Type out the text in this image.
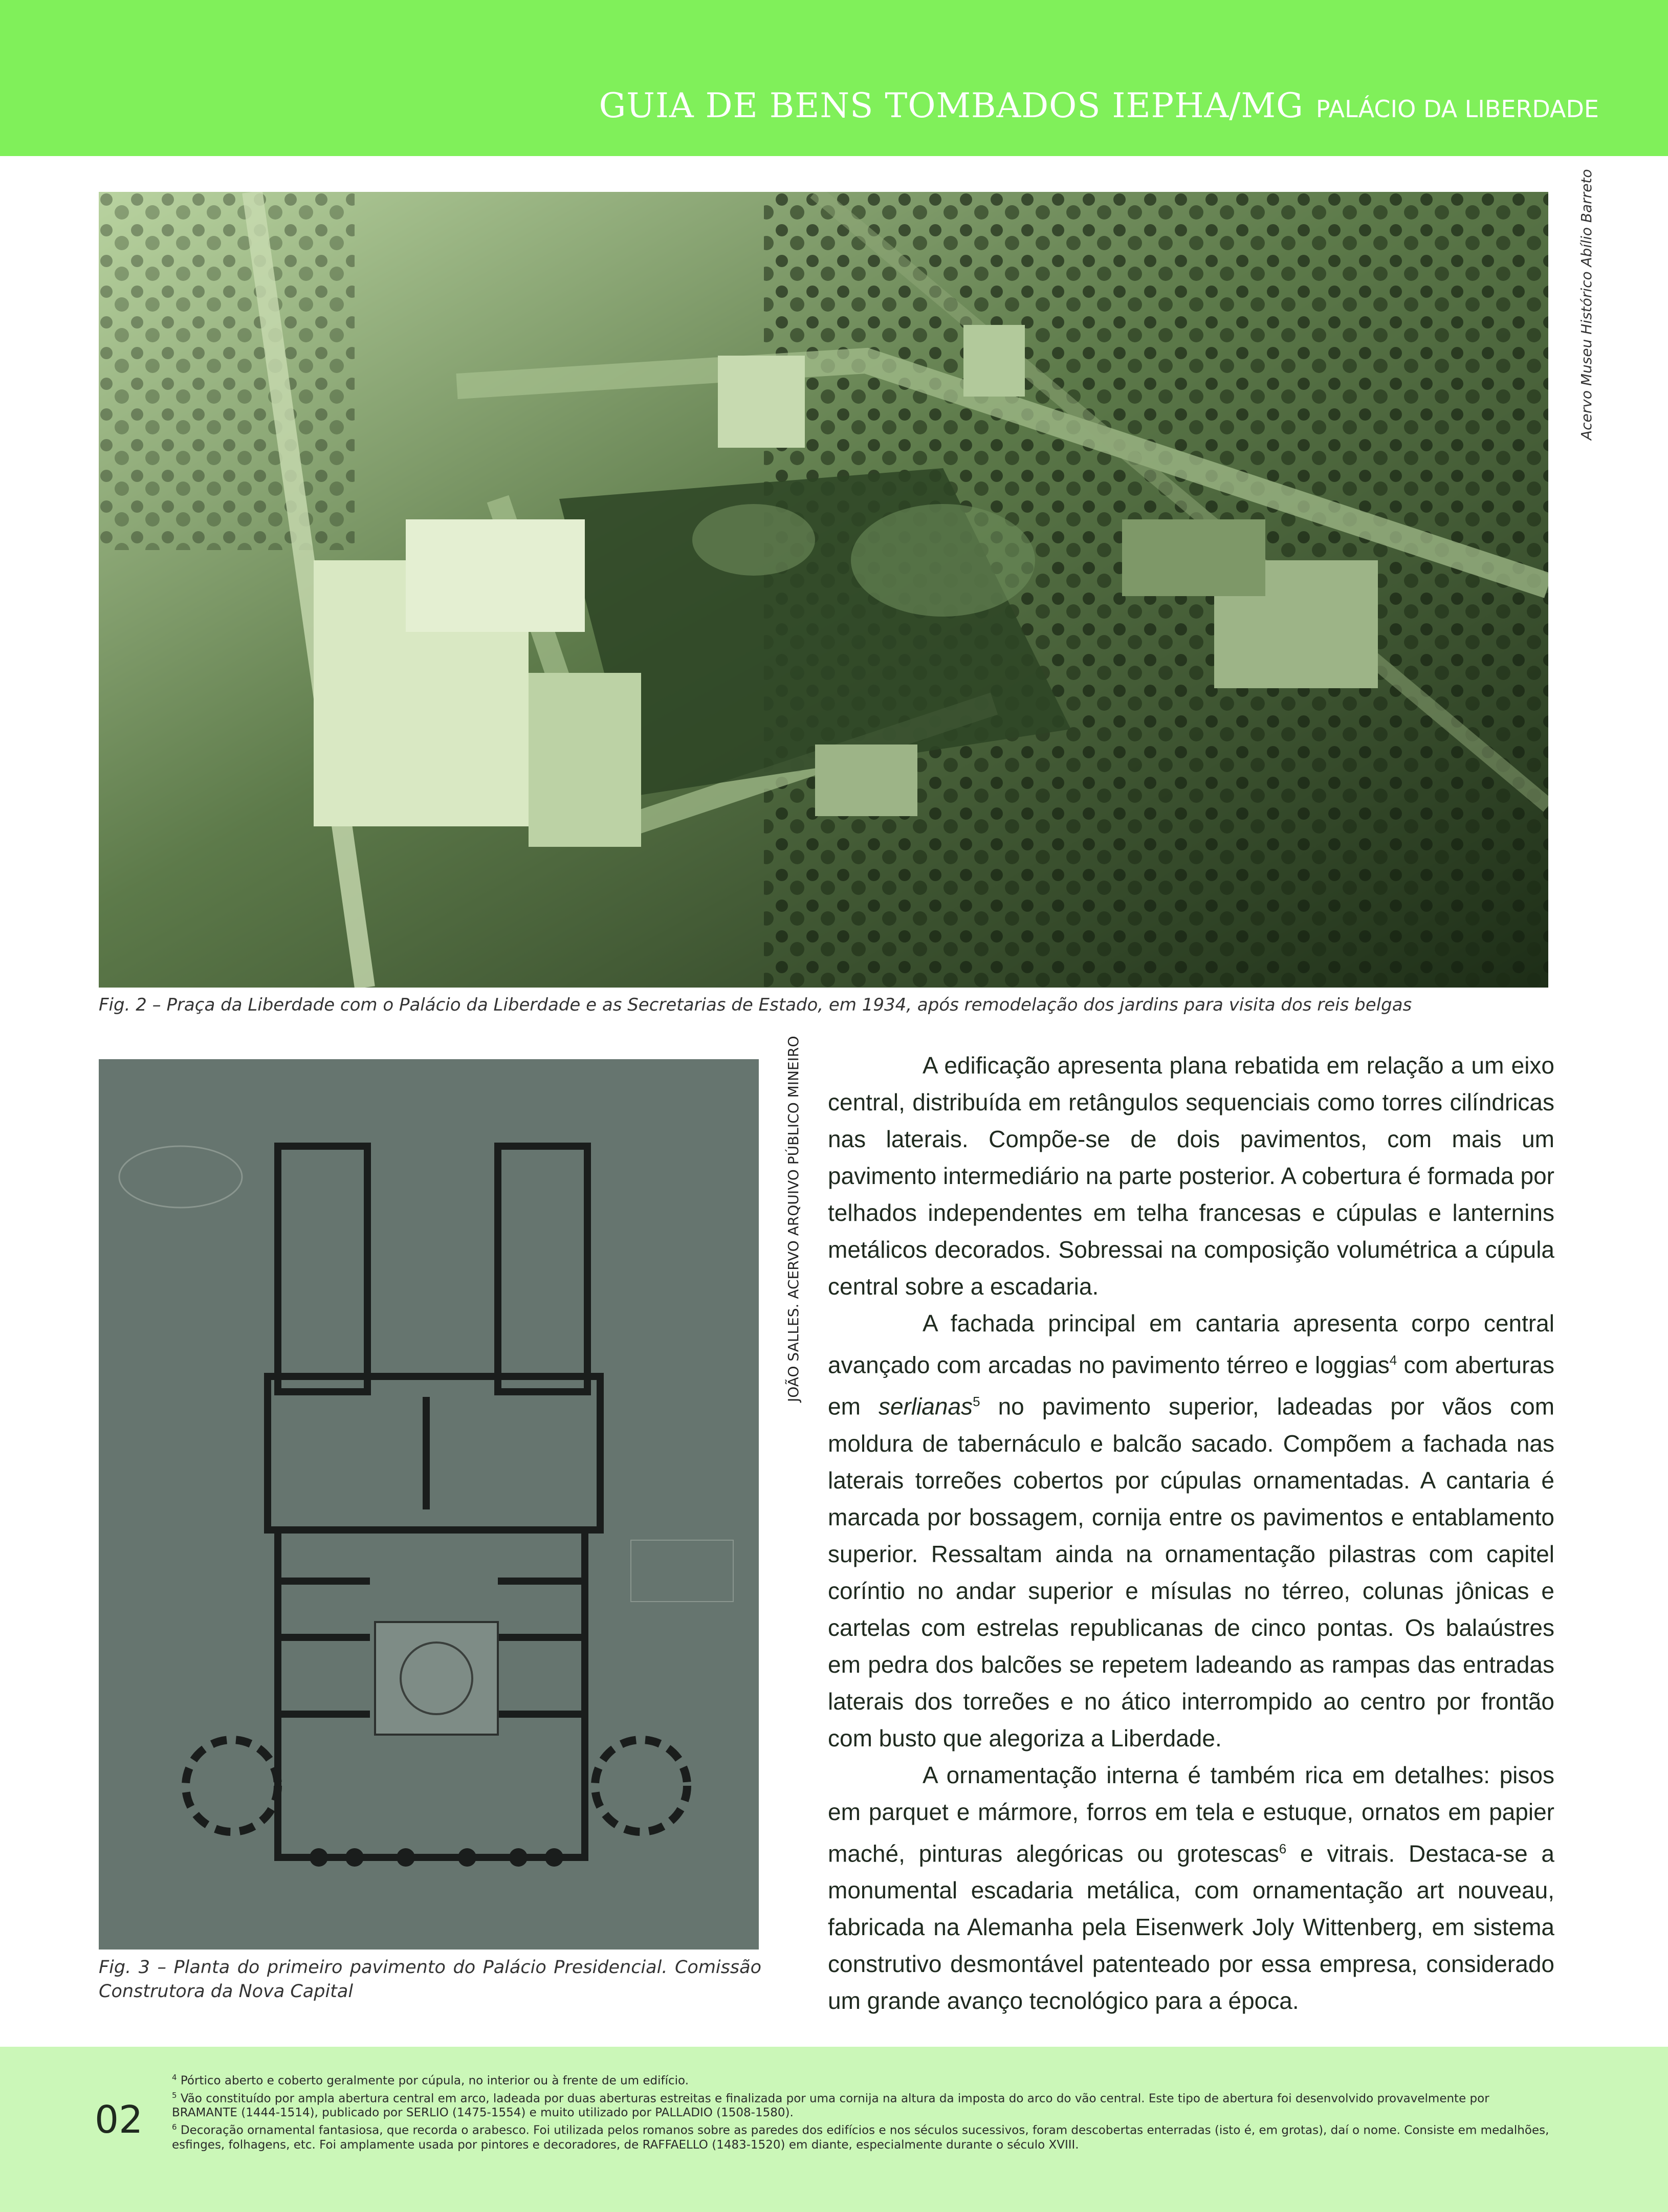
GUIA DE BENS TOMBADOS IEPHA/MG PALÁCIO DA LIBERDADE
Acervo Museu Histórico Abílio Barreto
Fig. 2 – Praça da Liberdade com o Palácio da Liberdade e as Secretarias de Estado, em 1934, após remodelação dos jardins para visita dos reis belgas
JOÃO SALLES. ACERVO ARQUIVO PÚBLICO MINEIRO
Fig. 3 – Planta do primeiro pavimento do Palácio Presidencial. Comissão Construtora da Nova Capital

A edificação apresenta plana rebatida em relação a um eixo central, distribuída em retângulos sequenciais como torres cilíndricas nas laterais. Compõe-se de dois pavimentos, com mais um pavimento intermediário na parte posterior. A cobertura é formada por telhados independentes em telha francesas e cúpulas e lanternins metálicos decorados. Sobressai na composição volumétrica a cúpula central sobre a escadaria.

A fachada principal em cantaria apresenta corpo central avançado com arcadas no pavimento térreo e loggias$^4$ com aberturas em serlianas$^5$ no pavimento superior, ladeadas por vãos com moldura de tabernáculo e balcão sacado. Compõem a fachada nas laterais torreões cobertos por cúpulas ornamentadas. A cantaria é marcada por bossagem, cornija entre os pavimentos e entablamento superior. Ressaltam ainda na ornamentação pilastras com capitel coríntio no andar superior e mísulas no térreo, colunas jônicas e cartelas com estrelas republicanas de cinco pontas. Os balaústres em pedra dos balcões se repetem ladeando as rampas das entradas laterais dos torreões e no ático interrompido ao centro por frontão com busto que alegoriza a Liberdade.

A ornamentação interna é também rica em detalhes: pisos em parquet e mármore, forros em tela e estuque, ornatos em papier maché, pinturas alegóricas ou grotescas$^6$ e vitrais. Destaca-se a monumental escadaria metálica, com ornamentação art nouveau, fabricada na Alemanha pela Eisenwerk Joly Wittenberg, em sistema construtivo desmontável patenteado por essa empresa, considerado um grande avanço tecnológico para a época.

02

$^4$ Pórtico aberto e coberto geralmente por cúpula, no interior ou à frente de um edifício.

$^5$ Vão constituído por ampla abertura central em arco, ladeada por duas aberturas estreitas e finalizada por uma cornija na altura da imposta do arco do vão central. Este tipo de abertura foi desenvolvido provavelmente por BRAMANTE (1444-1514), publicado por SERLIO (1475-1554) e muito utilizado por PALLADIO (1508-1580).

$^6$ Decoração ornamental fantasiosa, que recorda o arabesco. Foi utilizada pelos romanos sobre as paredes dos edifícios e nos séculos sucessivos, foram descobertas enterradas (isto é, em grotas), daí o nome. Consiste em medalhões, esfinges, folhagens, etc. Foi amplamente usada por pintores e decoradores, de RAFFAELLO (1483-1520) em diante, especialmente durante o século XVIII.
